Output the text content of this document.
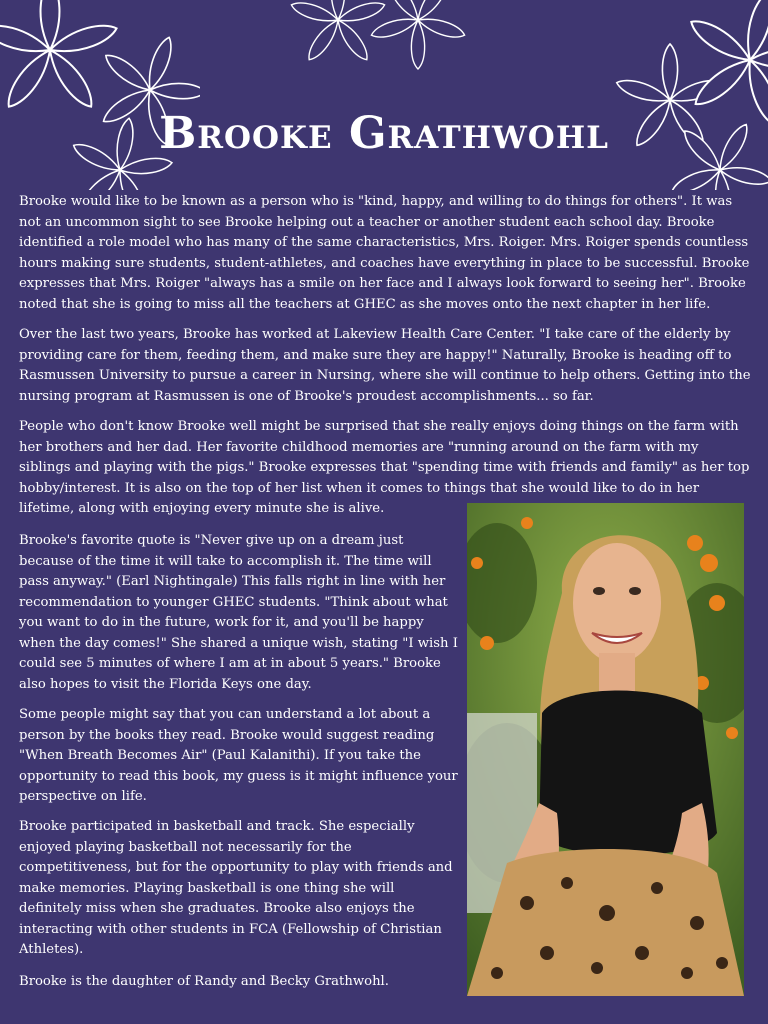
Brooke Grathwohl

Brooke would like to be known as a person who is "kind, happy, and willing to do things for others". It was not an uncommon sight to see Brooke helping out a teacher or another student each school day. Brooke identified a role model who has many of the same characteristics, Mrs. Roiger. Mrs. Roiger spends countless hours making sure students, student-athletes, and coaches have everything in place to be successful. Brooke expresses that Mrs. Roiger "always has a smile on her face and I always look forward to seeing her". Brooke noted that she is going to miss all the teachers at GHEC as she moves onto the next chapter in her life.

Over the last two years, Brooke has worked at Lakeview Health Care Center. "I take care of the elderly by providing care for them, feeding them, and make sure they are happy!" Naturally, Brooke is heading off to Rasmussen University to pursue a career in Nursing, where she will continue to help others. Getting into the nursing program at Rasmussen is one of Brooke's proudest accomplishments... so far.

People who don't know Brooke well might be surprised that she really enjoys doing things on the farm with her brothers and her dad. Her favorite childhood memories are "running around on the farm with my siblings and playing with the pigs." Brooke expresses that "spending time with friends and family" as her top hobby/interest. It is also on the top of her list when it comes to things that she would like to do in her lifetime, along with enjoying every minute she is alive.

Brooke's favorite quote is "Never give up on a dream just because of the time it will take to accomplish it. The time will pass anyway." (Earl Nightingale) This falls right in line with her recommendation to younger GHEC students. "Think about what you want to do in the future, work for it, and you'll be happy when the day comes!" She shared a unique wish, stating "I wish I could see 5 minutes of where I am at in about 5 years." Brooke also hopes to visit the Florida Keys one day.

Some people might say that you can understand a lot about a person by the books they read. Brooke would suggest reading "When Breath Becomes Air" (Paul Kalanithi). If you take the opportunity to read this book, my guess is it might influence your perspective on life.

Brooke participated in basketball and track. She especially enjoyed playing basketball not necessarily for the competitiveness, but for the opportunity to play with friends and make memories. Playing basketball is one thing she will definitely miss when she graduates. Brooke also enjoys the interacting with other students in FCA (Fellowship of Christian Athletes).

Brooke is the daughter of Randy and Becky Grathwohl.
